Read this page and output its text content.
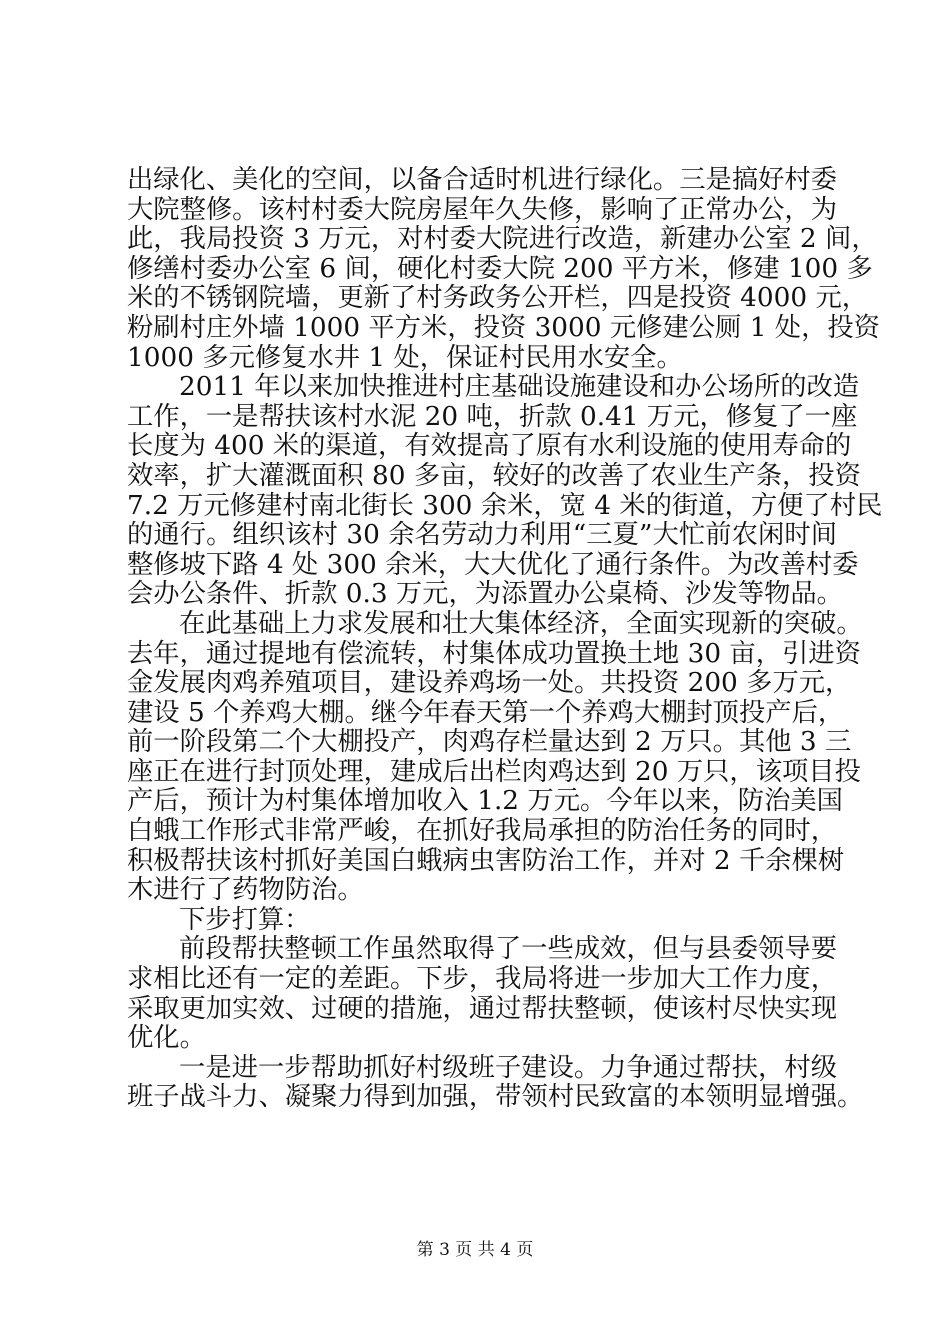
出绿化、美化的空间，以备合适时机进行绿化。三是搞好村委
大院整修。该村村委大院房屋年久失修，影响了正常办公，为
此，我局投资 3 万元，对村委大院进行改造，新建办公室 2 间，
修缮村委办公室 6 间，硬化村委大院 200 平方米，修建 100 多
米的不锈钢院墙，更新了村务政务公开栏，四是投资 4000 元，
粉刷村庄外墙 1000 平方米，投资 3000 元修建公厕 1 处，投资
1000 多元修复水井 1 处，保证村民用水安全。
2011 年以来加快推进村庄基础设施建设和办公场所的改造
工作，一是帮扶该村水泥 20 吨，折款 0.41 万元，修复了一座
长度为 400 米的渠道，有效提高了原有水利设施的使用寿命的
效率，扩大灌溉面积 80 多亩，较好的改善了农业生产条，投资
7.2 万元修建村南北街长 300 余米，宽 4 米的街道，方便了村民
的通行。组织该村 30 余名劳动力利用“三夏”大忙前农闲时间
整修坡下路 4 处 300 余米，大大优化了通行条件。为改善村委
会办公条件、折款 0.3 万元，为添置办公桌椅、沙发等物品。
在此基础上力求发展和壮大集体经济，全面实现新的突破。
去年，通过提地有偿流转，村集体成功置换土地 30 亩，引进资
金发展肉鸡养殖项目，建设养鸡场一处。共投资 200 多万元，
建设 5 个养鸡大棚。继今年春天第一个养鸡大棚封顶投产后，
前一阶段第二个大棚投产，肉鸡存栏量达到 2 万只。其他 3 三
座正在进行封顶处理，建成后出栏肉鸡达到 20 万只，该项目投
产后，预计为村集体增加收入 1.2 万元。今年以来，防治美国
白蛾工作形式非常严峻，在抓好我局承担的防治任务的同时，
积极帮扶该村抓好美国白蛾病虫害防治工作，并对 2 千余棵树
木进行了药物防治。
下步打算：
前段帮扶整顿工作虽然取得了一些成效，但与县委领导要
求相比还有一定的差距。下步，我局将进一步加大工作力度，
采取更加实效、过硬的措施，通过帮扶整顿，使该村尽快实现
优化。
一是进一步帮助抓好村级班子建设。力争通过帮扶，村级
班子战斗力、凝聚力得到加强，带领村民致富的本领明显增强。
第 3 页 共 4 页
